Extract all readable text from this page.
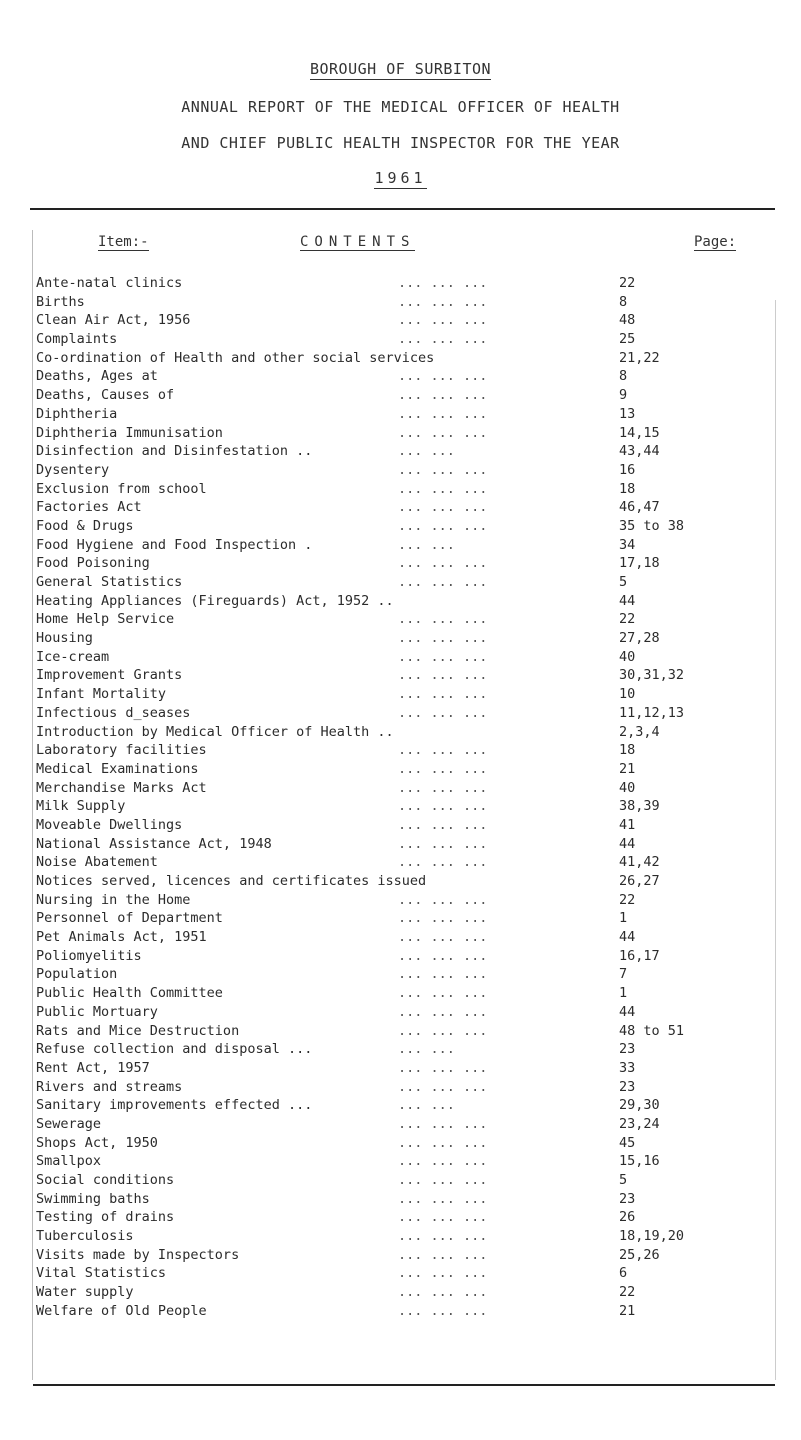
BOROUGH OF SURBITON
ANNUAL REPORT OF THE MEDICAL OFFICER OF HEALTH
AND CHIEF PUBLIC HEALTH INSPECTOR FOR THE YEAR
1961
Item:-	CONTENTS	Page:
Ante-natal clinics	... ... ...	22
Births	... ... ...	8
Clean Air Act, 1956	... ... ...	48
Complaints	... ... ...	25
Co-ordination of Health and other social services	21,22
Deaths, Ages at	... ... ...	8
Deaths, Causes of	... ... ...	9
Diphtheria	... ... ...	13
Diphtheria Immunisation	... ... ...	14,15
Disinfection and Disinfestation ..	... ...	43,44
Dysentery	... ... ...	16
Exclusion from school	... ... ...	18
Factories Act	... ... ...	46,47
Food & Drugs	... ... ...	35 to 38
Food Hygiene and Food Inspection .	... ...	34
Food Poisoning	... ... ...	17,18
General Statistics	... ... ...	5
Heating Appliances (Fireguards) Act, 1952 ..	44
Home Help Service	... ... ...	22
Housing	... ... ...	27,28
Ice-cream	... ... ...	40
Improvement Grants	... ... ...	30,31,32
Infant Mortality	... ... ...	10
Infectious d_seases	... ... ...	11,12,13
Introduction by Medical Officer of Health ..	2,3,4
Laboratory facilities	... ... ...	18
Medical Examinations	... ... ...	21
Merchandise Marks Act	... ... ...	40
Milk Supply	... ... ...	38,39
Moveable Dwellings	... ... ...	41
National Assistance Act, 1948	... ... ...	44
Noise Abatement	... ... ...	41,42
Notices served, licences and certificates issued	26,27
Nursing in the Home	... ... ...	22
Personnel of Department	... ... ...	1
Pet Animals Act, 1951	... ... ...	44
Poliomyelitis	... ... ...	16,17
Population	... ... ...	7
Public Health Committee	... ... ...	1
Public Mortuary	... ... ...	44
Rats and Mice Destruction	... ... ...	48 to 51
Refuse collection and disposal ...	... ...	23
Rent Act, 1957	... ... ...	33
Rivers and streams	... ... ...	23
Sanitary improvements effected ...	... ...	29,30
Sewerage	... ... ...	23,24
Shops Act, 1950	... ... ...	45
Smallpox	... ... ...	15,16
Social conditions	... ... ...	5
Swimming baths	... ... ...	23
Testing of drains	... ... ...	26
Tuberculosis	... ... ...	18,19,20
Visits made by Inspectors	... ... ...	25,26
Vital Statistics	... ... ...	6
Water supply	... ... ...	22
Welfare of Old People	... ... ...	21
